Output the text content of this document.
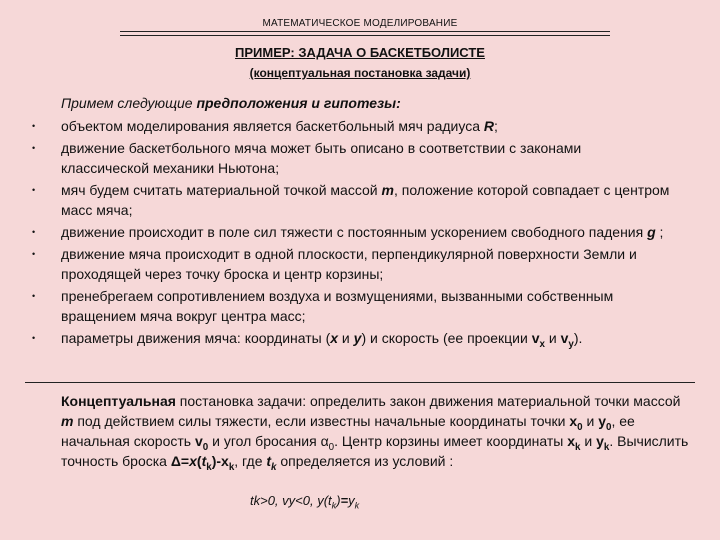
МАТЕМАТИЧЕСКОЕ МОДЕЛИРОВАНИЕ
ПРИМЕР: ЗАДАЧА О БАСКЕТБОЛИСТЕ
(концептуальная постановка задачи)
Примем следующие предположения и гипотезы:
• объектом моделирования является баскетбольный мяч радиуса R;
• движение баскетбольного мяча может быть описано в соответствии с законами классической механики Ньютона;
• мяч будем считать материальной точкой массой m, положение которой совпадает с центром масс мяча;
• движение происходит в поле сил тяжести с постоянным ускорением свободного падения g ;
• движение мяча происходит в одной плоскости, перпендикулярной поверхности Земли и проходящей через точку броска и центр корзины;
• пренебрегаем сопротивлением воздуха и возмущениями, вызванными собственным вращением мяча вокруг центра масс;
• параметры движения мяча: координаты (x и y) и скорость (ее проекции $v_x$ и $v_y$).

Концептуальная постановка задачи: определить закон движения материальной точки массой m под действием силы тяжести, если известны начальные координаты точки $x_0$ и $y_0$, ее начальная скорость $v_0$ и угол бросания $\alpha_0$. Центр корзины имеет координаты $x_k$ и $y_k$. Вычислить точность броска $\Delta=x(t_k)-x_k$, где $t_k$ определяется из условий :

tk>0, vy<0, $y(t_k)=y_k$
